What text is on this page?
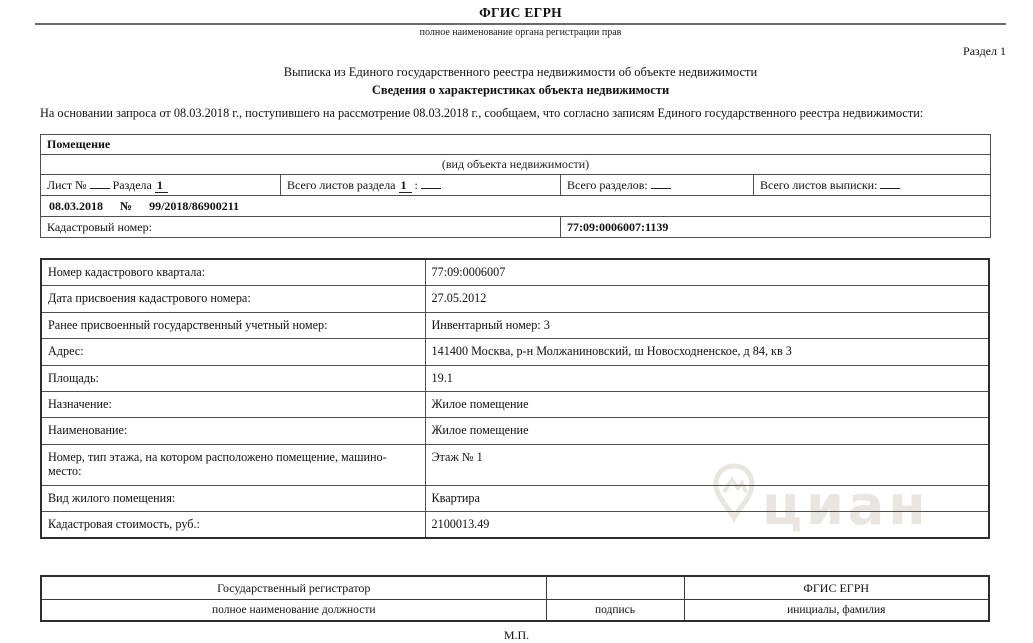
циан
ФГИС ЕГРН
полное наименование органа регистрации прав
Раздел 1
Выписка из Единого государственного реестра недвижимости об объекте недвижимости
Сведения о характеристиках объекта недвижимости
На основании запроса от 08.03.2018 г., поступившего на рассмотрение 08.03.2018 г., сообщаем, что согласно записям Единого государственного реестра недвижимости:
Помещение			
(вид объекта недвижимости)			
Лист № Раздела 1	Всего листов раздела 1 :	Всего разделов:	Всего листов выписки:
08.03.2018 № 99/2018/86900211			
Кадастровый номер:		77:09:0006007:1139	
Номер кадастрового квартала:	77:09:0006007
Дата присвоения кадастрового номера:	27.05.2012
Ранее присвоенный государственный учетный номер:	Инвентарный номер: 3
Адрес:	141400 Москва, р-н Молжаниновский, ш Новосходненское, д 84, кв 3
Площадь:	19.1
Назначение:	Жилое помещение
Наименование:	Жилое помещение
Номер, тип этажа, на котором расположено помещение, машино-место:	Этаж № 1
Вид жилого помещения:	Квартира
Кадастровая стоимость, руб.:	2100013.49
Государственный регистратор		ФГИС ЕГРН
полное наименование должности	подпись	инициалы, фамилия
М.П.
